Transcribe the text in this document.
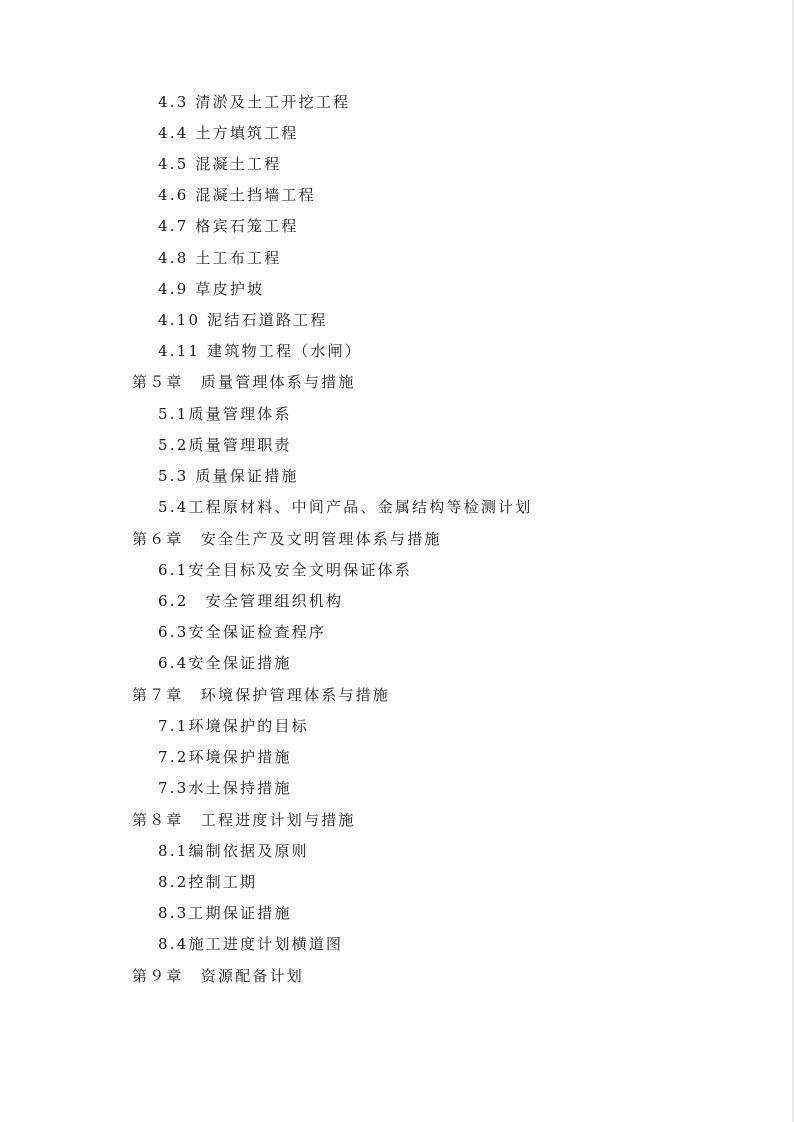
4.3 清淤及土工开挖工程
4.4 土方填筑工程
4.5 混凝土工程
4.6 混凝土挡墙工程
4.7 格宾石笼工程
4.8 土工布工程
4.9 草皮护坡
4.10 泥结石道路工程
4.11 建筑物工程（水闸）
第５章　质量管理体系与措施
5.1质量管理体系
5.2质量管理职责
5.3 质量保证措施
5.4工程原材料、中间产品、金属结构等检测计划
第６章　安全生产及文明管理体系与措施
6.1安全目标及安全文明保证体系
6.2　安全管理组织机构
6.3安全保证检查程序
6.4安全保证措施
第７章　环境保护管理体系与措施
7.1环境保护的目标
7.2环境保护措施
7.3水土保持措施
第８章　工程进度计划与措施
8.1编制依据及原则
8.2控制工期
8.3工期保证措施
8.4施工进度计划横道图
第９章　资源配备计划
